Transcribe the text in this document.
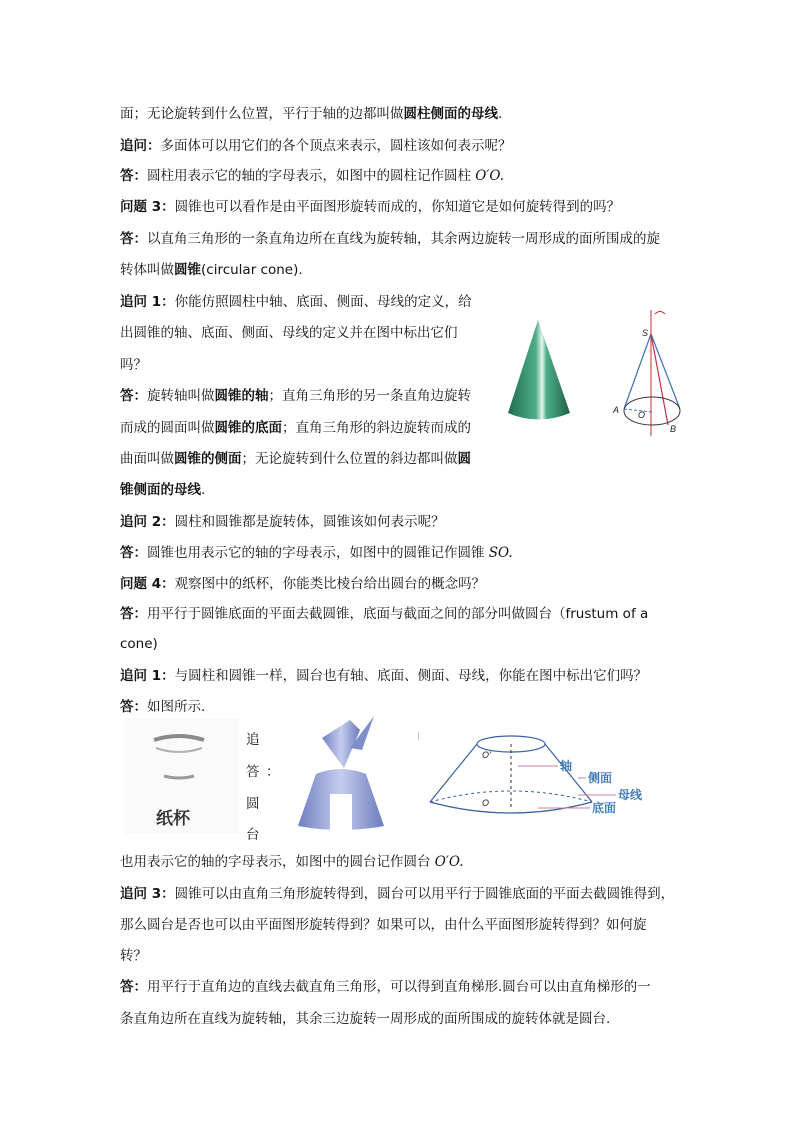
面；无论旋转到什么位置，平行于轴的边都叫做圆柱侧面的母线.
追问：多面体可以用它们的各个顶点来表示，圆柱该如何表示呢？
答：圆柱用表示它的轴的字母表示，如图中的圆柱记作圆柱 O′O.
问题 3：圆锥也可以看作是由平面图形旋转而成的，你知道它是如何旋转得到的吗？
答：以直角三角形的一条直角边所在直线为旋转轴，其余两边旋转一周形成的面所围成的旋
转体叫做圆锥(circular cone).
追问 1：你能仿照圆柱中轴、底面、侧面、母线的定义，给
出圆锥的轴、底面、侧面、母线的定义并在图中标出它们
吗？
答：旋转轴叫做圆锥的轴；直角三角形的另一条直角边旋转
而成的圆面叫做圆锥的底面；直角三角形的斜边旋转而成的
曲面叫做圆锥的侧面；无论旋转到什么位置的斜边都叫做圆
锥侧面的母线.
追问 2：圆柱和圆锥都是旋转体，圆锥该如何表示呢？
答：圆锥也用表示它的轴的字母表示，如图中的圆锥记作圆锥 SO.
问题 4：观察图中的纸杯，你能类比棱台给出圆台的概念吗？
答：用平行于圆锥底面的平面去截圆锥，底面与截面之间的部分叫做圆台（frustum of a
cone)
追问 1：与圆柱和圆锥一样，圆台也有轴、底面、侧面、母线，你能在图中标出它们吗？
答：如图所示.
追
答 ：
圆
台
也用表示它的轴的字母表示，如图中的圆台记作圆台 O′O.
追问 3：圆锥可以由直角三角形旋转得到，圆台可以用平行于圆锥底面的平面去截圆锥得到，
那么圆台是否也可以由平面图形旋转得到？如果可以，由什么平面图形旋转得到？如何旋
转？
答：用平行于直角边的直线去截直角三角形，可以得到直角梯形.圆台可以由直角梯形的一
条直角边所在直线为旋转轴，其余三边旋转一周形成的面所围成的旋转体就是圆台.
S
A O
B
纸杯
O′
O
轴
侧面
母线
底面
